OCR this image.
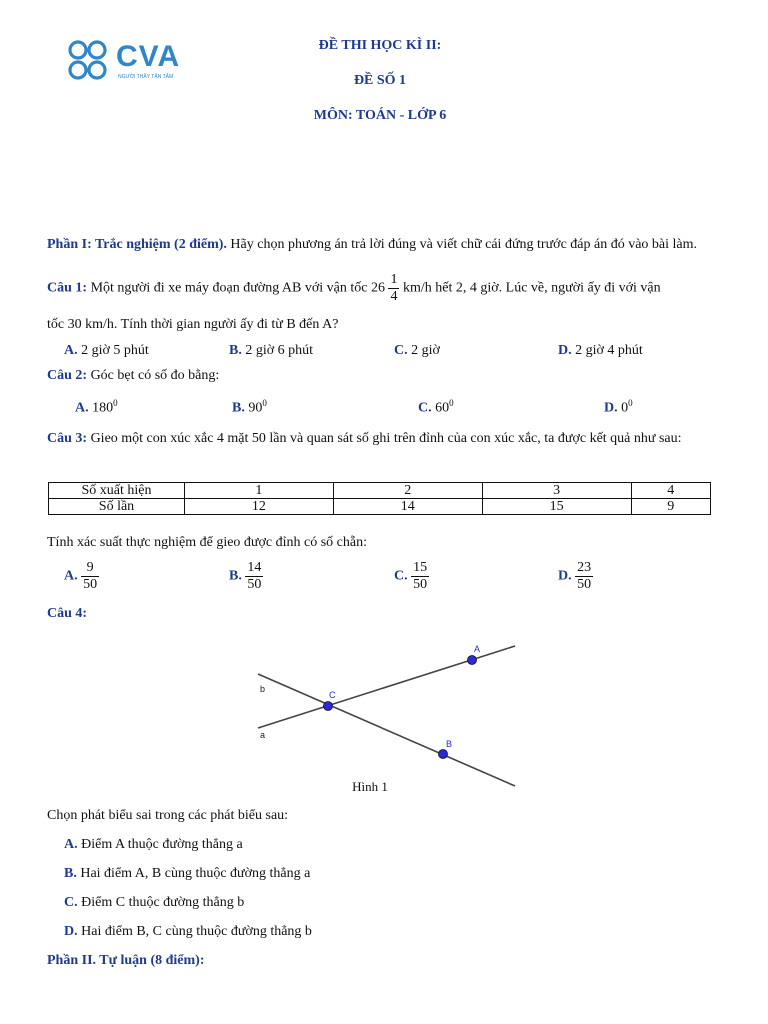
CVA
NGƯỜI THẦY TẬN TÂM
ĐỀ THI HỌC KÌ II:
ĐỀ SỐ 1
MÔN: TOÁN - LỚP 6
Phần I: Trắc nghiệm (2 điểm). Hãy chọn phương án trả lời đúng và viết chữ cái đứng trước đáp án đó vào bài làm.
Câu 1: Một người đi xe máy đoạn đường AB với vận tốc $26 \frac{1}{4} km/h$ hết 2, 4 giờ. Lúc về, người ấy đi với vận
tốc 30 km/h. Tính thời gian người ấy đi từ B đến A?
A. 2 giờ 5 phút	B. 2 giờ 6 phút	C. 2 giờ	D. 2 giờ 4 phút
Câu 2: Góc bẹt có số đo bằng:
A. $180^0$	B. $90^0$	C. $60^0$	D. $0^0$
Câu 3: Gieo một con xúc xắc 4 mặt 50 lần và quan sát số ghi trên đỉnh của con xúc xắc, ta được kết quả như sau:
Số xuất hiện	1	2	3	4
Số lần	12	14	15	9
Tính xác suất thực nghiệm để gieo được đỉnh có số chẵn:
A. $\frac{9}{50}$	B. $\frac{14}{50}$	C. $\frac{15}{50}$	D. $\frac{23}{50}$
Câu 4:
b
a
A
C
B
Hình 1
Chọn phát biểu sai trong các phát biểu sau:
A. Điểm A thuộc đường thẳng a
B. Hai điểm A, B cùng thuộc đường thẳng a
C. Điểm C thuộc đường thẳng b
D. Hai điểm B, C cùng thuộc đường thẳng b
Phần II. Tự luận (8 điểm):
